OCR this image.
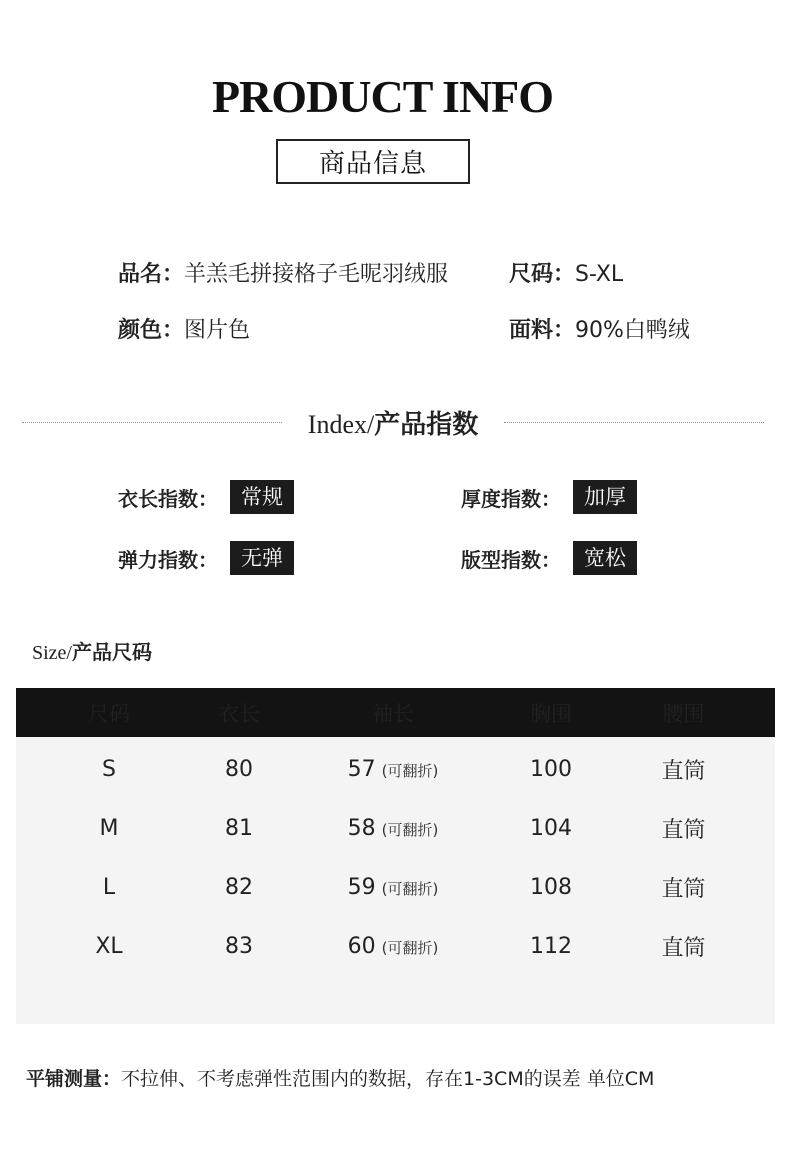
PRODUCT INFO
商品信息
品名：羊羔毛拼接格子毛呢羽绒服	尺码：S-XL
颜色：图片色	面料：90%白鸭绒
Index/产品指数
衣长指数：	常规	厚度指数：	加厚
弹力指数：	无弹	版型指数：	宽松
Size/产品尺码
尺码	衣长	袖长	胸围	腰围
S	80	57 (可翻折)	100	直筒
M	81	58 (可翻折)	104	直筒
L	82	59 (可翻折)	108	直筒
XL	83	60 (可翻折)	112	直筒
平铺测量：不拉伸、不考虑弹性范围内的数据，存在1-3CM的误差 单位CM
